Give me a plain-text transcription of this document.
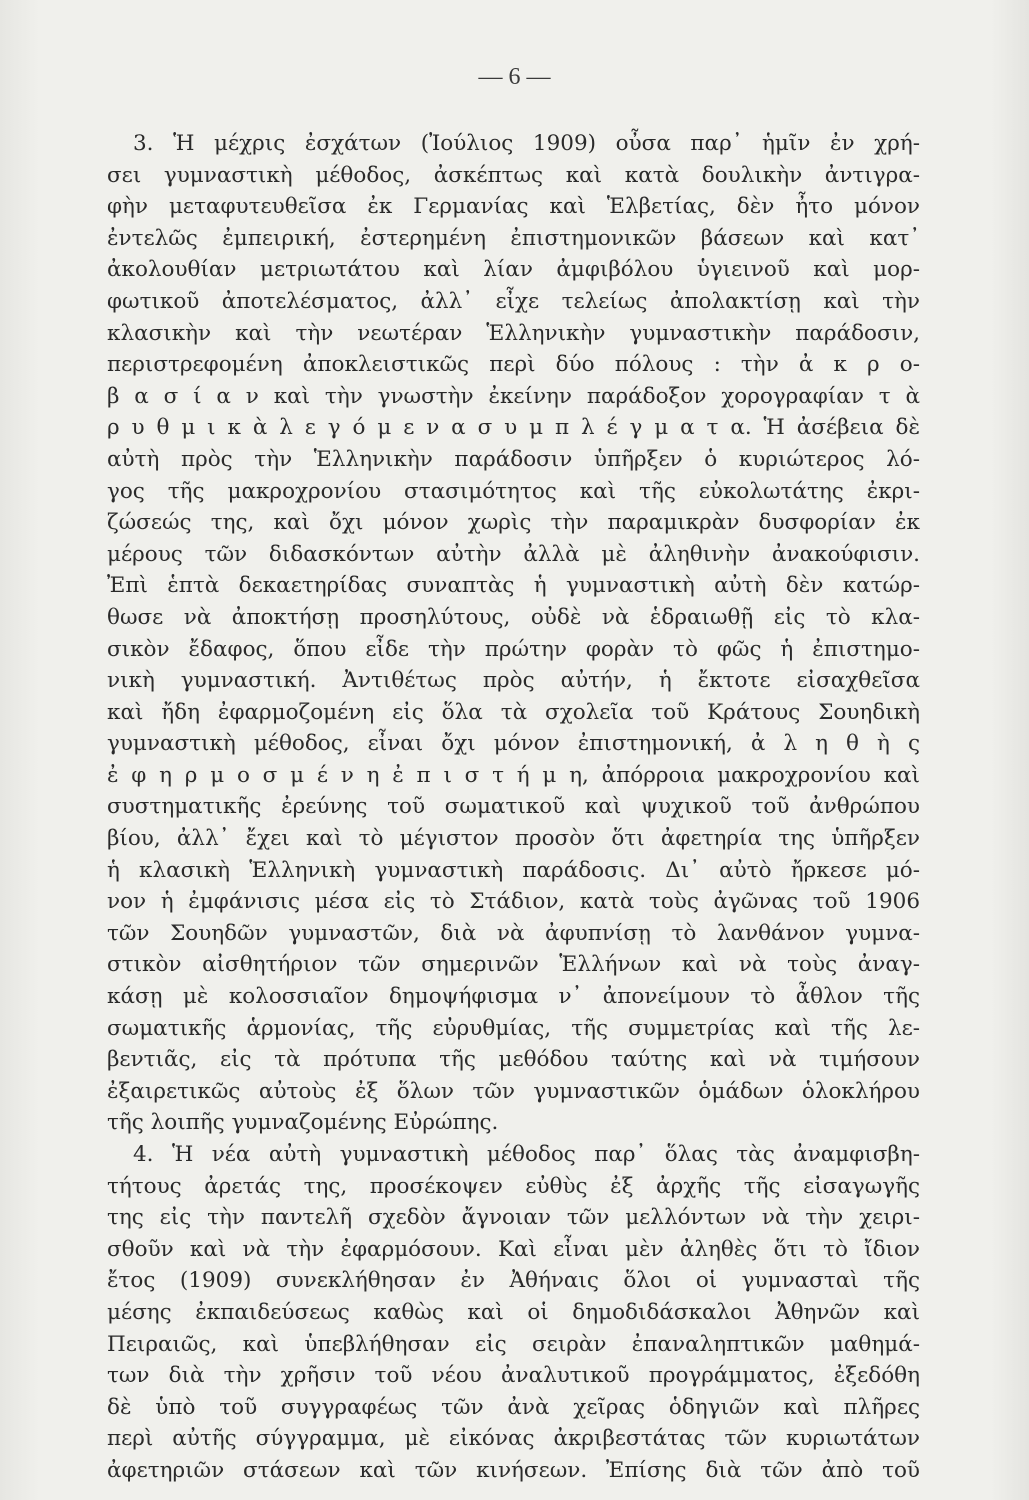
— 6 —
3. Ἡ μέχρις ἐσχάτων (Ἰούλιος 1909) οὖσα παρ᾽ ἡμῖν ἐν χρή-
σει γυμναστικὴ μέθοδος, ἀσκέπτως καὶ κατὰ δουλικὴν ἀντιγρα-
φὴν μεταφυτευθεῖσα ἐκ Γερμανίας καὶ Ἑλβετίας, δὲν ἦτο μόνον
ἐντελῶς ἐμπειρική, ἐστερημένη ἐπιστημονικῶν βάσεων καὶ κατ᾽
ἀκολουθίαν μετριωτάτου καὶ λίαν ἀμφιβόλου ὑγιεινοῦ καὶ μορ-
φωτικοῦ ἀποτελέσματος, ἀλλ᾽ εἶχε τελείως ἀπολακτίσῃ καὶ τὴν
κλασικὴν καὶ τὴν νεωτέραν Ἑλληνικὴν γυμναστικὴν παράδοσιν,
περιστρεφομένη ἀποκλειστικῶς περὶ δύο πόλους : τὴν ἀ κ ρ ο-
β α σ ί α ν καὶ τὴν γνωστὴν ἐκείνην παράδοξον χορογραφίαν τ ὰ
ρ υ θ μ ι κ ὰ λ ε γ ό μ ε ν α σ υ μ π λ έ γ μ α τ α. Ἡ ἀσέβεια δὲ
αὐτὴ πρὸς τὴν Ἑλληνικὴν παράδοσιν ὑπῆρξεν ὁ κυριώτερος λό-
γος τῆς μακροχρονίου στασιμότητος καὶ τῆς εὐκολωτάτης ἐκρι-
ζώσεώς της, καὶ ὄχι μόνον χωρὶς τὴν παραμικρὰν δυσφορίαν ἐκ
μέρους τῶν διδασκόντων αὐτὴν ἀλλὰ μὲ ἀληθινὴν ἀνακούφισιν.
Ἐπὶ ἑπτὰ δεκαετηρίδας συναπτὰς ἡ γυμναστικὴ αὐτὴ δὲν κατώρ-
θωσε νὰ ἀποκτήσῃ προσηλύτους, οὐδὲ νὰ ἑδραιωθῇ εἰς τὸ κλα-
σικὸν ἔδαφος, ὅπου εἶδε τὴν πρώτην φορὰν τὸ φῶς ἡ ἐπιστημο-
νικὴ γυμναστική. Ἀντιθέτως πρὸς αὐτήν, ἡ ἔκτοτε εἰσαχθεῖσα
καὶ ἤδη ἐφαρμοζομένη εἰς ὅλα τὰ σχολεῖα τοῦ Κράτους Σουηδικὴ
γυμναστικὴ μέθοδος, εἶναι ὄχι μόνον ἐπιστημονική, ἀ λ η θ ὴ ς
ἐ φ η ρ μ ο σ μ έ ν η ἐ π ι σ τ ή μ η, ἀπόρροια μακροχρονίου καὶ
συστηματικῆς ἐρεύνης τοῦ σωματικοῦ καὶ ψυχικοῦ τοῦ ἀνθρώπου
βίου, ἀλλ᾽ ἔχει καὶ τὸ μέγιστον προσὸν ὅτι ἀφετηρία της ὑπῆρξεν
ἡ κλασικὴ Ἑλληνικὴ γυμναστικὴ παράδοσις. Δι᾽ αὐτὸ ἤρκεσε μό-
νον ἡ ἐμφάνισις μέσα εἰς τὸ Στάδιον, κατὰ τοὺς ἀγῶνας τοῦ 1906
τῶν Σουηδῶν γυμναστῶν, διὰ νὰ ἀφυπνίσῃ τὸ λανθάνον γυμνα-
στικὸν αἰσθητήριον τῶν σημερινῶν Ἑλλήνων καὶ νὰ τοὺς ἀναγ-
κάσῃ μὲ κολοσσιαῖον δημοψήφισμα ν᾽ ἀπονείμουν τὸ ἆθλον τῆς
σωματικῆς ἁρμονίας, τῆς εὐρυθμίας, τῆς συμμετρίας καὶ τῆς λε-
βεντιᾶς, εἰς τὰ πρότυπα τῆς μεθόδου ταύτης καὶ νὰ τιμήσουν
ἐξαιρετικῶς αὐτοὺς ἐξ ὅλων τῶν γυμναστικῶν ὁμάδων ὁλοκλήρου
τῆς λοιπῆς γυμναζομένης Εὐρώπης.
4. Ἡ νέα αὐτὴ γυμναστικὴ μέθοδος παρ᾽ ὅλας τὰς ἀναμφισβη-
τήτους ἀρετάς της, προσέκοψεν εὐθὺς ἐξ ἀρχῆς τῆς εἰσαγωγῆς
της εἰς τὴν παντελῆ σχεδὸν ἄγνοιαν τῶν μελλόντων νὰ τὴν χειρι-
σθοῦν καὶ νὰ τὴν ἐφαρμόσουν. Καὶ εἶναι μὲν ἀληθὲς ὅτι τὸ ἴδιον
ἔτος (1909) συνεκλήθησαν ἐν Ἀθήναις ὅλοι οἱ γυμνασταὶ τῆς
μέσης ἐκπαιδεύσεως καθὼς καὶ οἱ δημοδιδάσκαλοι Ἀθηνῶν καὶ
Πειραιῶς, καὶ ὑπεβλήθησαν εἰς σειρὰν ἐπαναληπτικῶν μαθημά-
των διὰ τὴν χρῆσιν τοῦ νέου ἀναλυτικοῦ προγράμματος, ἐξεδόθη
δὲ ὑπὸ τοῦ συγγραφέως τῶν ἀνὰ χεῖρας ὁδηγιῶν καὶ πλῆρες
περὶ αὐτῆς σύγγραμμα, μὲ εἰκόνας ἀκριβεστάτας τῶν κυριωτάτων
ἀφετηριῶν στάσεων καὶ τῶν κινήσεων. Ἐπίσης διὰ τῶν ἀπὸ τοῦ
